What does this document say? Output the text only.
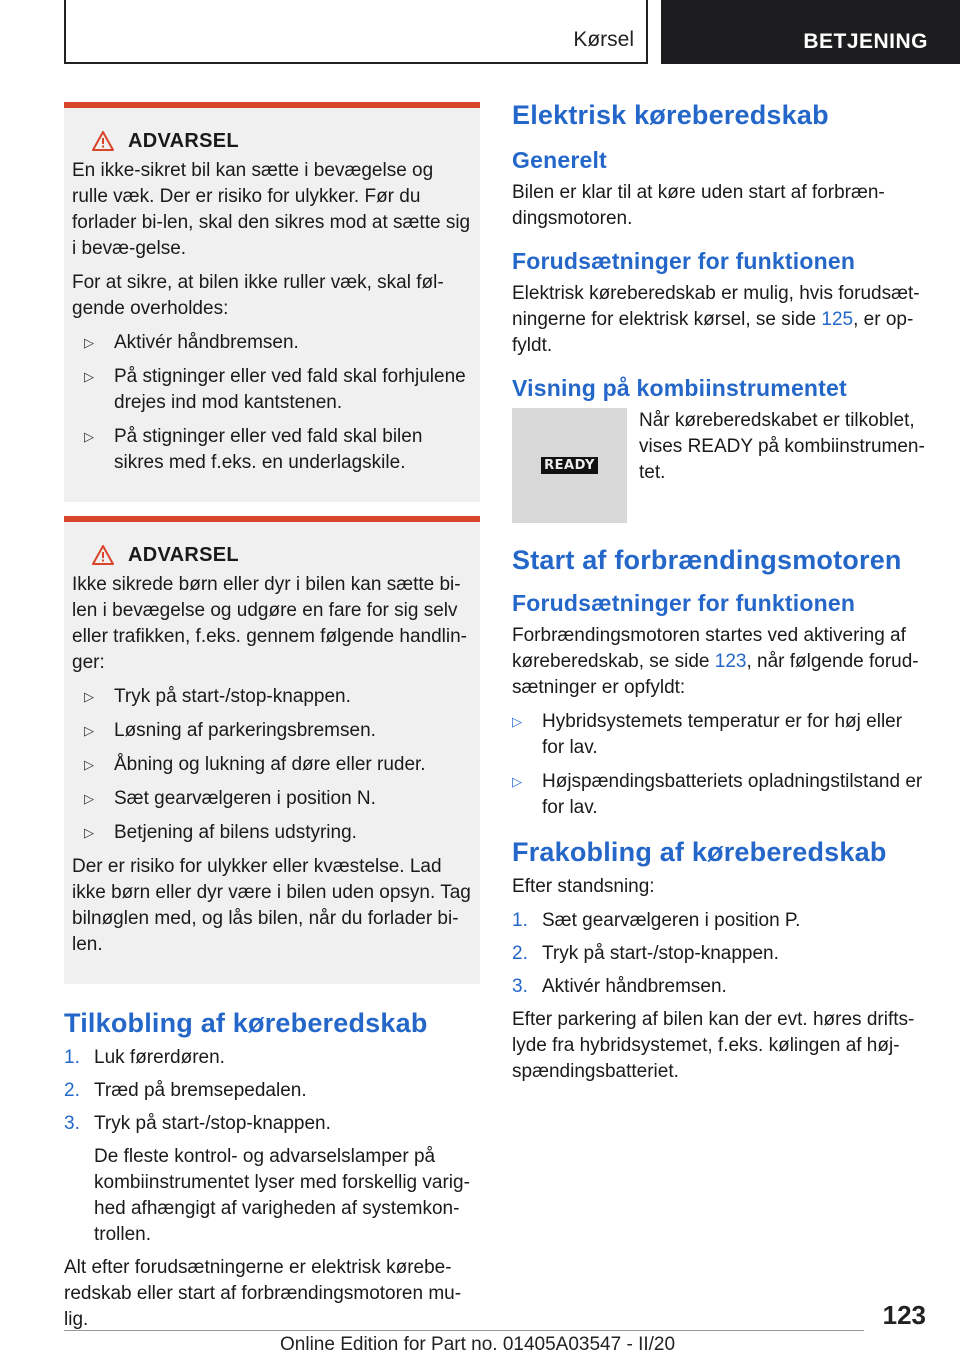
Kørsel	BETJENING
ADVARSEL

En ikke-sikret bil kan sætte i bevægelse og rulle væk. Der er risiko for ulykker. Før du forlader bi-len, skal den sikres mod at sætte sig i bevæ-gelse.

For at sikre, at bilen ikke ruller væk, skal føl-gende overholdes:

▷ Aktivér håndbremsen.
▷ På stigninger eller ved fald skal forhjulene drejes ind mod kantstenen.
▷ På stigninger eller ved fald skal bilen sikres med f.eks. en underlagskile.
ADVARSEL

Ikke sikrede børn eller dyr i bilen kan sætte bi-len i bevægelse og udgøre en fare for sig selv eller trafikken, f.eks. gennem følgende handlin-ger:

▷ Tryk på start-/stop-knappen.
▷ Løsning af parkeringsbremsen.
▷ Åbning og lukning af døre eller ruder.
▷ Sæt gearvælgeren i position N.
▷ Betjening af bilens udstyring.

Der er risiko for ulykker eller kvæstelse. Lad ikke børn eller dyr være i bilen uden opsyn. Tag bilnøglen med, og lås bilen, når du forlader bi-len.

Tilkobling af køreberedskab
1. Luk førerdøren.
2. Træd på bremsepedalen.
3. Tryk på start-/stop-knappen.
De fleste kontrol- og advarselslamper på kombiinstrumentet lyser med forskellig varig-hed afhængigt af varigheden af systemkon-trollen.

Alt efter forudsætningerne er elektrisk kørebe-redskab eller start af forbrændingsmotoren mu-lig.

Elektrisk køreberedskab
Generelt

Bilen er klar til at køre uden start af forbræn-dingsmotoren.

Forudsætninger for funktionen

Elektrisk køreberedskab er mulig, hvis forudsæt-ningerne for elektrisk kørsel, se side 125, er op-fyldt.

Visning på kombiinstrumentet
READY

Når køreberedskabet er tilkoblet, vises READY på kombiinstrumen-tet.

Start af forbrændingsmotoren
Forudsætninger for funktionen

Forbrændingsmotoren startes ved aktivering af køreberedskab, se side 123, når følgende forud-sætninger er opfyldt:

▷ Hybridsystemets temperatur er for høj eller for lav.
▷ Højspændingsbatteriets opladningstilstand er for lav.
Frakobling af køreberedskab

Efter standsning:

1. Sæt gearvælgeren i position P.
2. Tryk på start-/stop-knappen.
3. Aktivér håndbremsen.

Efter parkering af bilen kan der evt. høres drifts-lyde fra hybridsystemet, f.eks. kølingen af høj-spændingsbatteriet.

123
Online Edition for Part no. 01405A03547 - II/20
